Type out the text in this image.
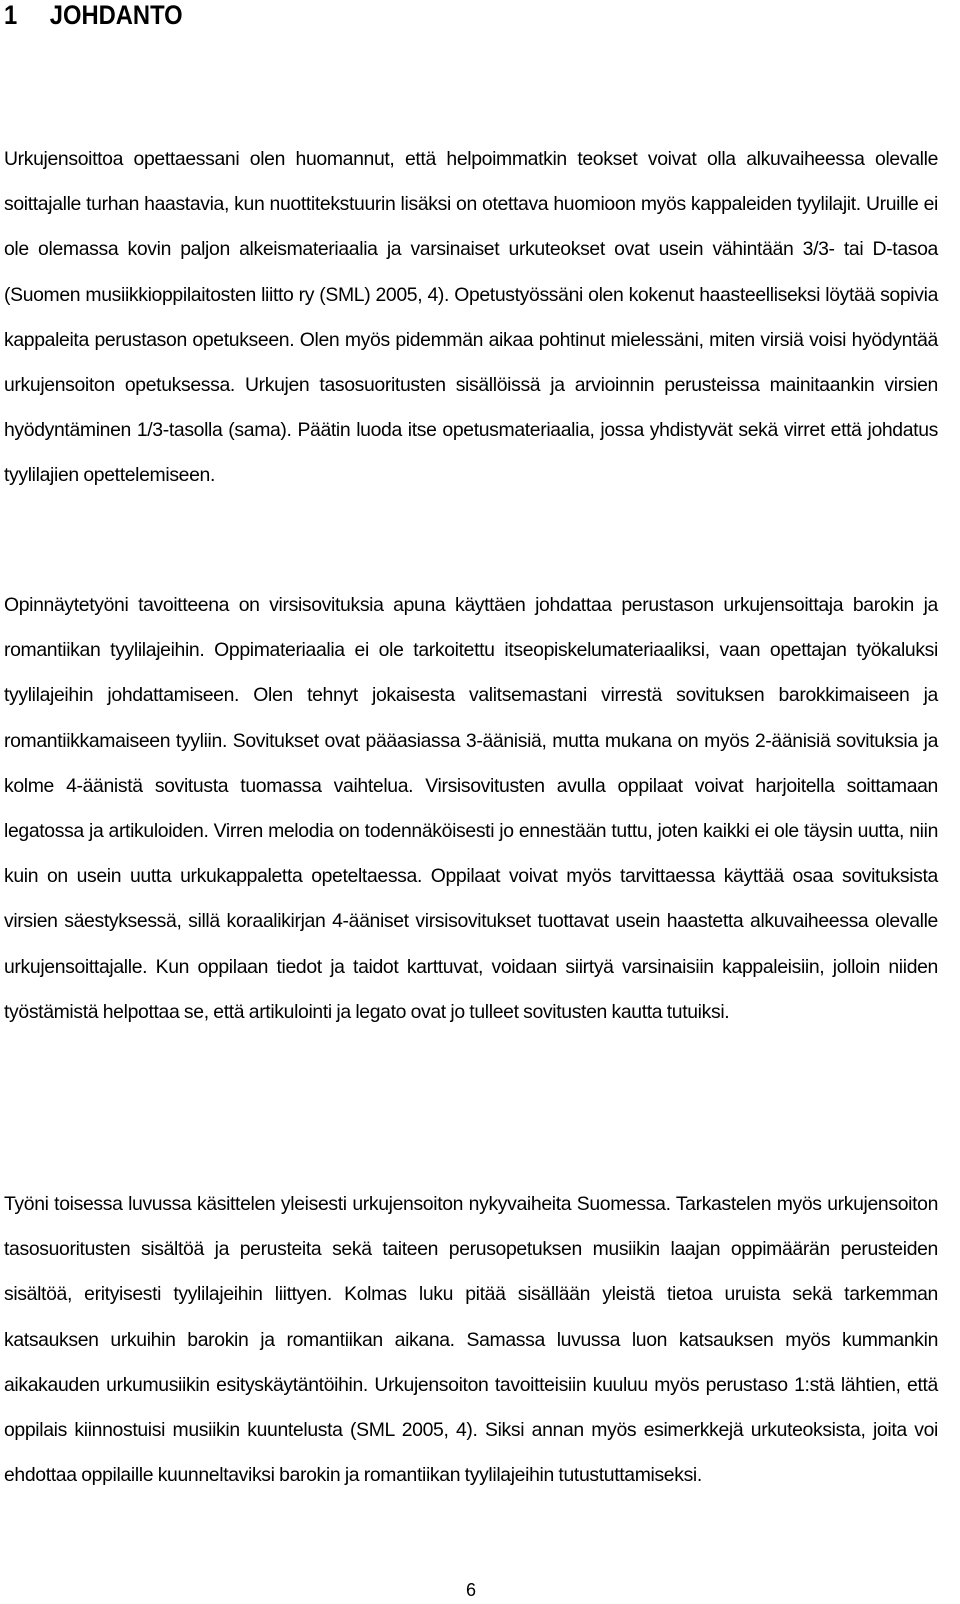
1 JOHDANTO

Urkujensoittoa opettaessani olen huomannut, että helpoimmatkin teokset voivat olla alkuvaiheessa olevalle soittajalle turhan haastavia, kun nuottitekstuurin lisäksi on otettava huomioon myös kappaleiden tyylilajit. Uruille ei ole olemassa kovin paljon alkeismateriaalia ja varsinaiset urkuteokset ovat usein vähintään 3/3- tai D-tasoa (Suomen musiikkioppilaitosten liitto ry (SML) 2005, 4). Opetustyössäni olen kokenut haasteelliseksi löytää sopivia kappaleita perustason opetukseen. Olen myös pidemmän aikaa pohtinut mielessäni, miten virsiä voisi hyödyntää urkujensoiton opetuksessa. Urkujen tasosuoritusten sisällöissä ja arvioinnin perusteissa mainitaankin virsien hyödyntäminen 1/3-tasolla (sama). Päätin luoda itse opetusmateriaalia, jossa yhdistyvät sekä virret että johdatus tyylilajien opettelemiseen.

Opinnäytetyöni tavoitteena on virsisovituksia apuna käyttäen johdattaa perustason urkujensoittaja barokin ja romantiikan tyylilajeihin. Oppimateriaalia ei ole tarkoitettu itseopiskelumateriaaliksi, vaan opettajan työkaluksi tyylilajeihin johdattamiseen. Olen tehnyt jokaisesta valitsemastani virrestä sovituksen barokkimaiseen ja romantiikkamaiseen tyyliin. Sovitukset ovat pääasiassa 3-äänisiä, mutta mukana on myös 2-äänisiä sovituksia ja kolme 4-äänistä sovitusta tuomassa vaihtelua. Virsisovitusten avulla oppilaat voivat harjoitella soittamaan legatossa ja artikuloiden. Virren melodia on todennäköisesti jo ennestään tuttu, joten kaikki ei ole täysin uutta, niin kuin on usein uutta urkukappaletta opeteltaessa. Oppilaat voivat myös tarvittaessa käyttää osaa sovituksista virsien säestyksessä, sillä koraalikirjan 4-ääniset virsisovitukset tuottavat usein haastetta alkuvaiheessa olevalle urkujensoittajalle. Kun oppilaan tiedot ja taidot karttuvat, voidaan siirtyä varsinaisiin kappaleisiin, jolloin niiden työstämistä helpottaa se, että artikulointi ja legato ovat jo tulleet sovitusten kautta tutuiksi.

Työni toisessa luvussa käsittelen yleisesti urkujensoiton nykyvaiheita Suomessa. Tarkastelen myös urkujensoiton tasosuoritusten sisältöä ja perusteita sekä taiteen perusopetuksen musiikin laajan oppimäärän perusteiden sisältöä, erityisesti tyylilajeihin liittyen. Kolmas luku pitää sisällään yleistä tietoa uruista sekä tarkemman katsauksen urkuihin barokin ja romantiikan aikana. Samassa luvussa luon katsauksen myös kummankin aikakauden urkumusiikin esityskäytäntöihin. Urkujensoiton tavoitteisiin kuuluu myös perustaso 1:stä lähtien, että oppilais kiinnostuisi musiikin kuuntelusta (SML 2005, 4). Siksi annan myös esimerkkejä urkuteoksista, joita voi ehdottaa oppilaille kuunneltaviksi barokin ja romantiikan tyylilajeihin tutustuttamiseksi.

6
